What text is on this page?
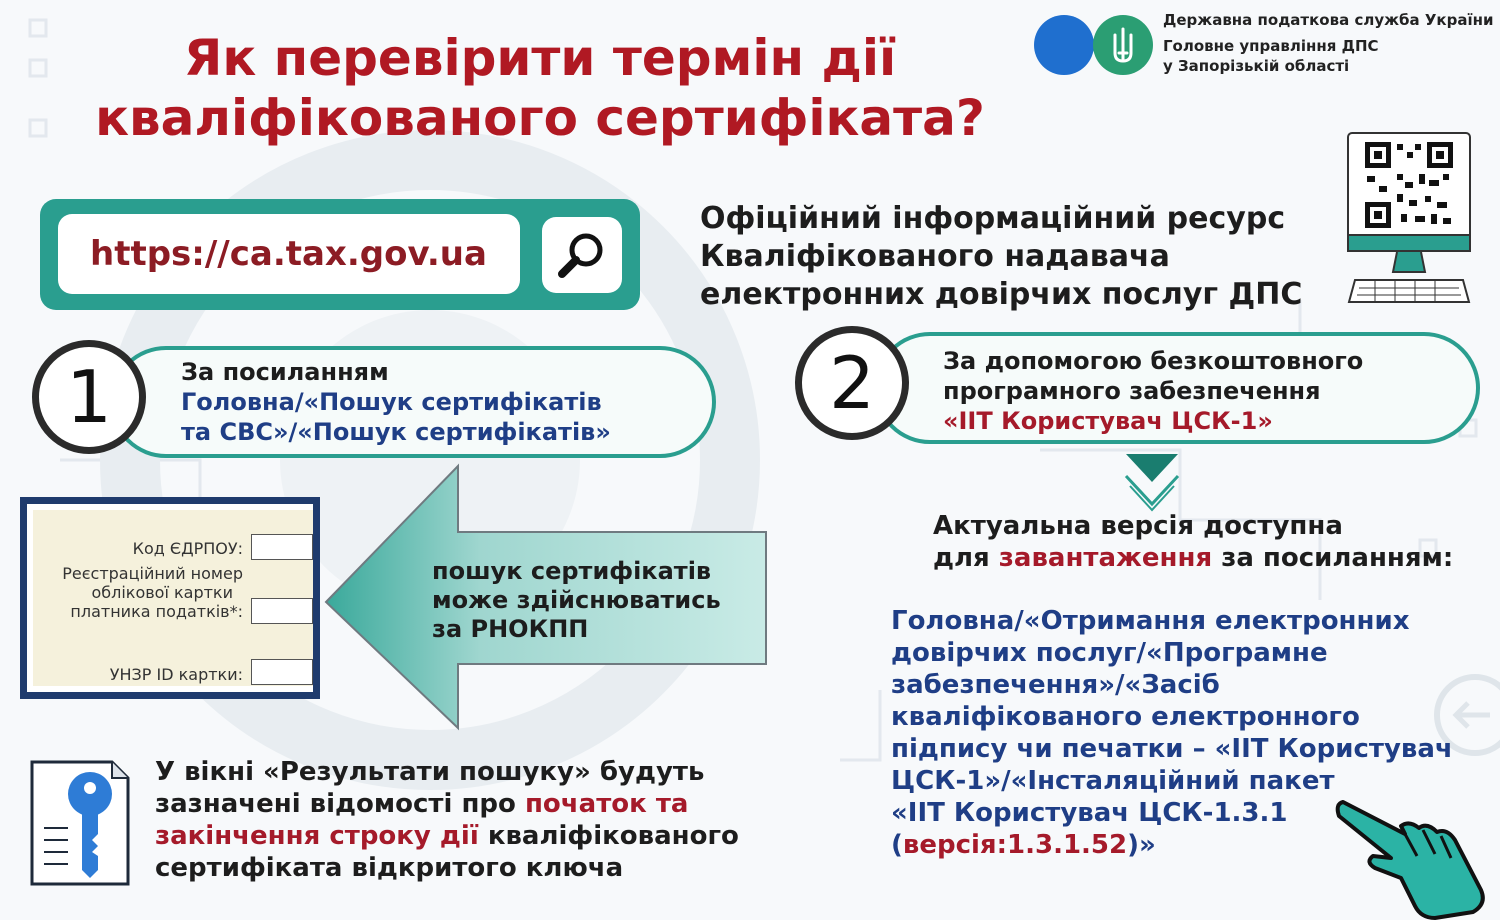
Як перевірити термін дії
кваліфікованого сертифіката?
Державна податкова служба України
Головне управління ДПС
у Запорізькій області
https://ca.tax.gov.ua
Офіційний інформаційний ресурс
Кваліфікованого надавача
електронних довірчих послуг ДПС
1	За посиланням
Головна/«Пошук сертифікатів
та СВС»/«Пошук сертифікатів»
2	За допомогою безкоштовного
програмного забезпечення
«ІІТ Користувач ЦСК-1»
Код ЄДРПОУ:
Реєстраційний номер
облікової картки
платника податків*:
УНЗР ID картки:
пошук сертифікатів
може здійснюватись
за РНОКПП
Актуальна версія доступна
для завантаження за посиланням:
Головна/«Отримання електронних
довірчих послуг/«Програмне
забезпечення»/«Засіб
кваліфікованого електронного
підпису чи печатки – «ІІТ Користувач
ЦСК-1»/«Інсталяційний пакет
«ІІТ Користувач ЦСК-1.3.1
(версія:1.3.1.52)»
У вікні «Результати пошуку» будуть
зазначені відомості про початок та
закінчення строку дії кваліфікованого
сертифіката відкритого ключа
